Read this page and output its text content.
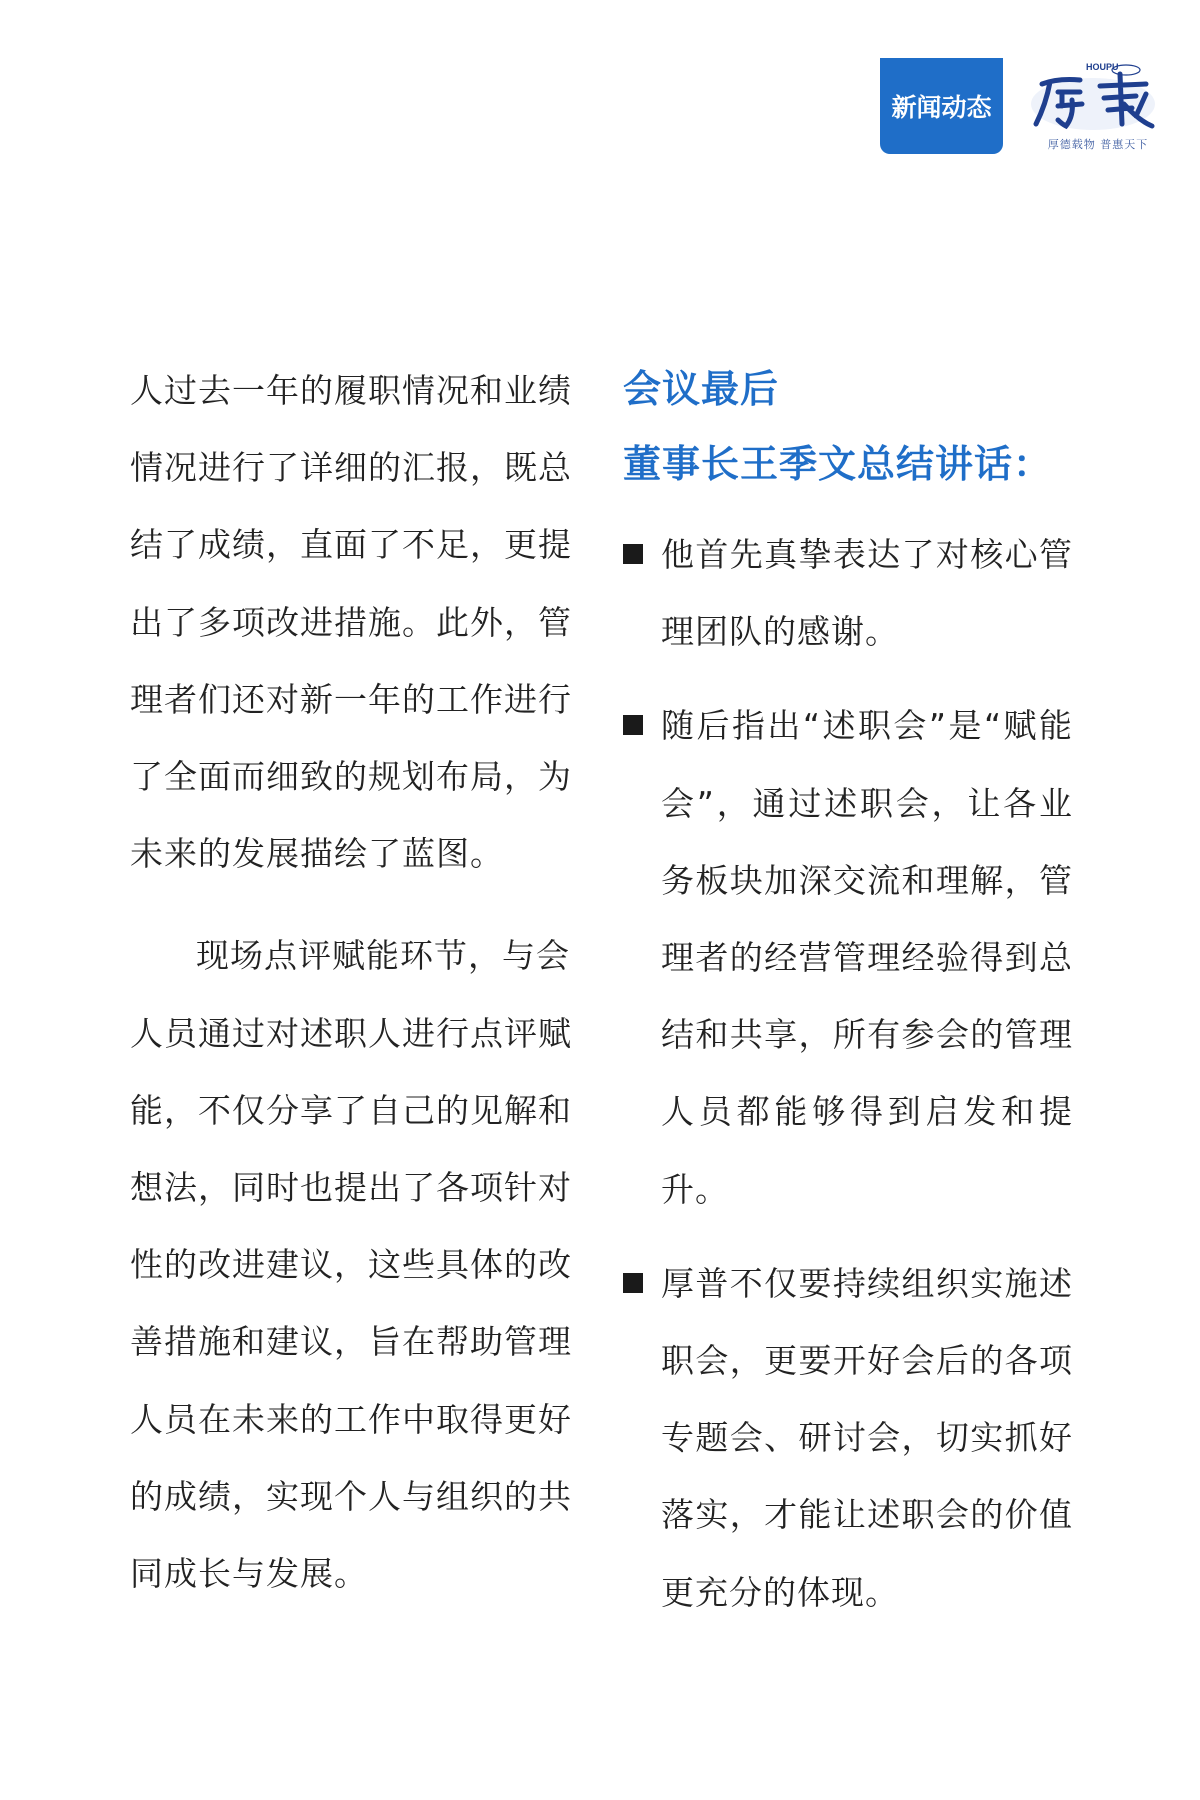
新闻动态
HOUPU
厚德载物 普惠天下

人过去一年的履职情况和业绩情况进行了详细的汇报，既总结了成绩，直面了不足，更提出了多项改进措施。此外，管理者们还对新一年的工作进行了全面而细致的规划布局，为未来的发展描绘了蓝图。

现场点评赋能环节，与会人员通过对述职人进行点评赋能，不仅分享了自己的见解和想法，同时也提出了各项针对性的改进建议，这些具体的改善措施和建议，旨在帮助管理人员在未来的工作中取得更好的成绩，实现个人与组织的共同成长与发展。

会议最后
董事长王季文总结讲话：
他首先真挚表达了对核心管理团队的感谢。
随后指出“述职会”是“赋能会”，通过述职会，让各业务板块加深交流和理解，管理者的经营管理经验得到总结和共享，所有参会的管理人员都能够得到启发和提升。
厚普不仅要持续组织实施述职会，更要开好会后的各项专题会、研讨会，切实抓好落实，才能让述职会的价值更充分的体现。
